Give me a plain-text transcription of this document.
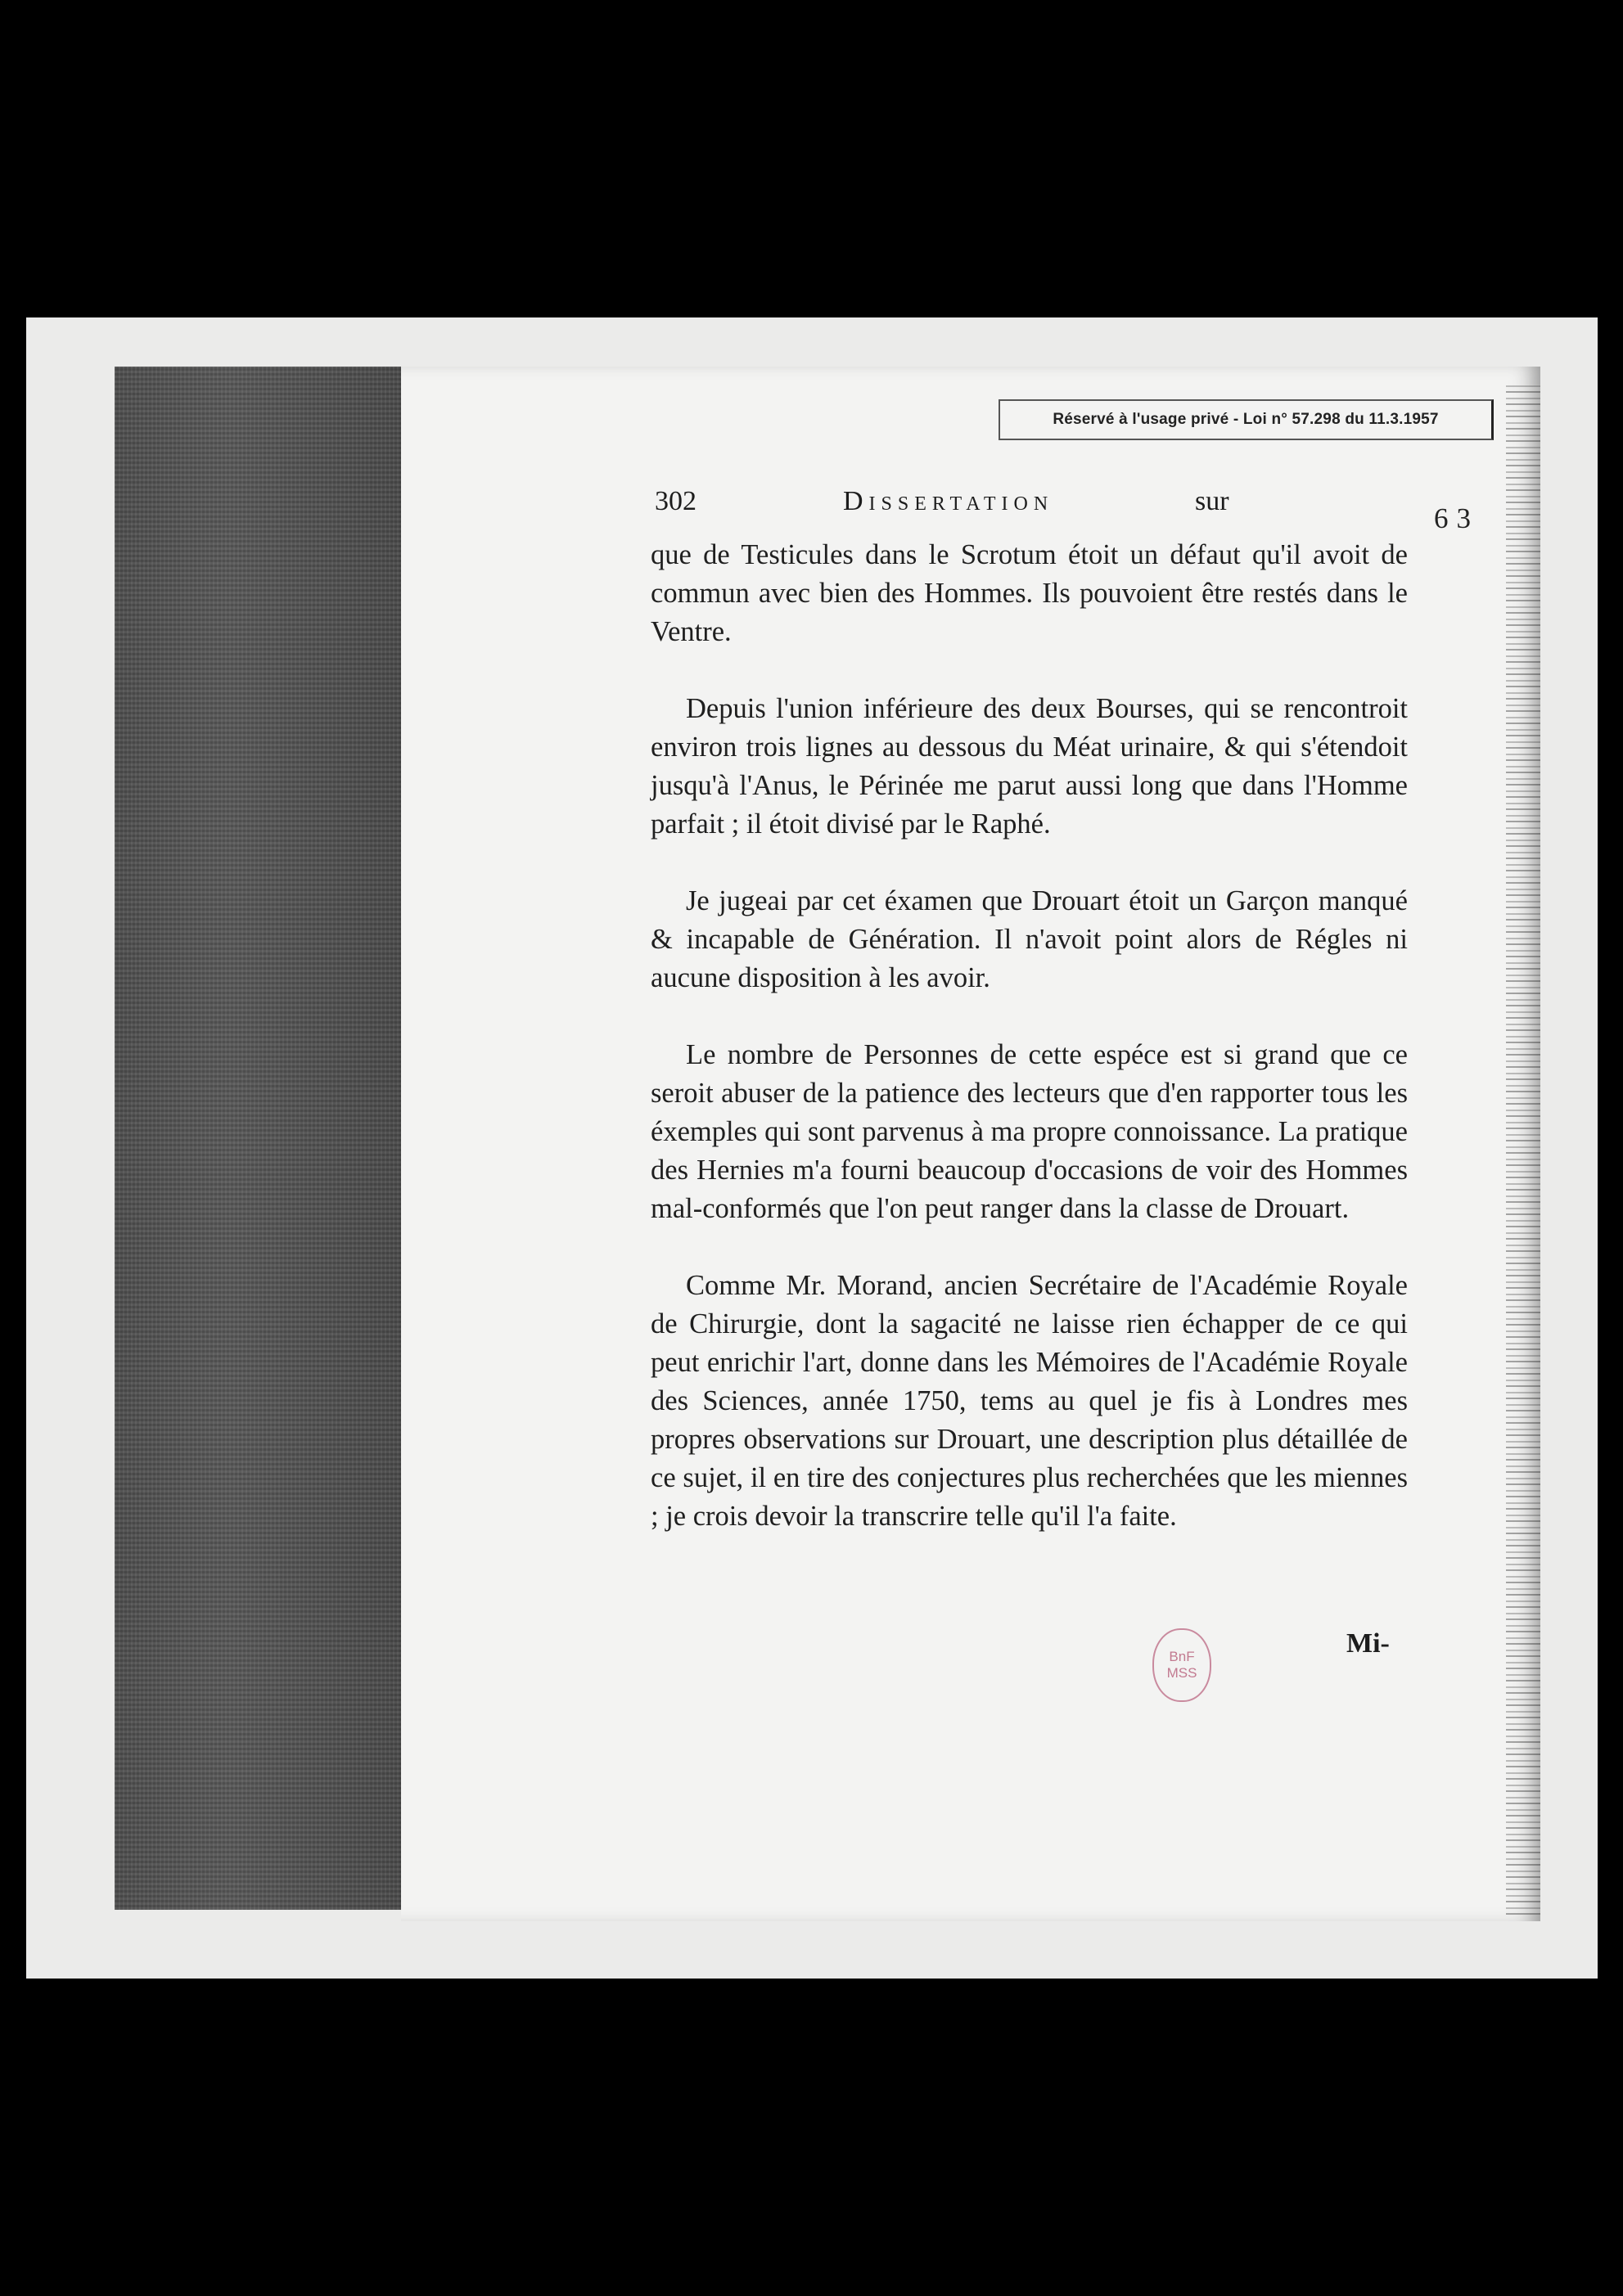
Réservé à l'usage privé - Loi n° 57.298 du 11.3.1957
63
302	Dissertation	sur

que de Testicules dans le Scrotum étoit un défaut qu'il avoit de commun avec bien des Hommes. Ils pouvoient être restés dans le Ventre.

Depuis l'union inférieure des deux Bourses, qui se rencontroit environ trois lignes au dessous du Méat urinaire, & qui s'étendoit jusqu'à l'Anus, le Périnée me parut aussi long que dans l'Homme parfait ; il étoit divisé par le Raphé.

Je jugeai par cet éxamen que Drouart étoit un Garçon manqué & incapable de Génération. Il n'avoit point alors de Régles ni aucune disposition à les avoir.

Le nombre de Personnes de cette espéce est si grand que ce seroit abuser de la patience des lecteurs que d'en rapporter tous les éxemples qui sont parvenus à ma propre connoissance. La pratique des Hernies m'a fourni beaucoup d'occasions de voir des Hommes mal-conformés que l'on peut ranger dans la classe de Drouart.

Comme Mr. Morand, ancien Secrétaire de l'Académie Royale de Chirurgie, dont la sagacité ne laisse rien échapper de ce qui peut enrichir l'art, donne dans les Mémoires de l'Académie Royale des Sciences, année 1750, tems au quel je fis à Londres mes propres observations sur Drouart, une description plus détaillée de ce sujet, il en tire des conjectures plus recherchées que les miennes ; je crois devoir la transcrire telle qu'il l'a faite.

BnF
MSS
Mi-
